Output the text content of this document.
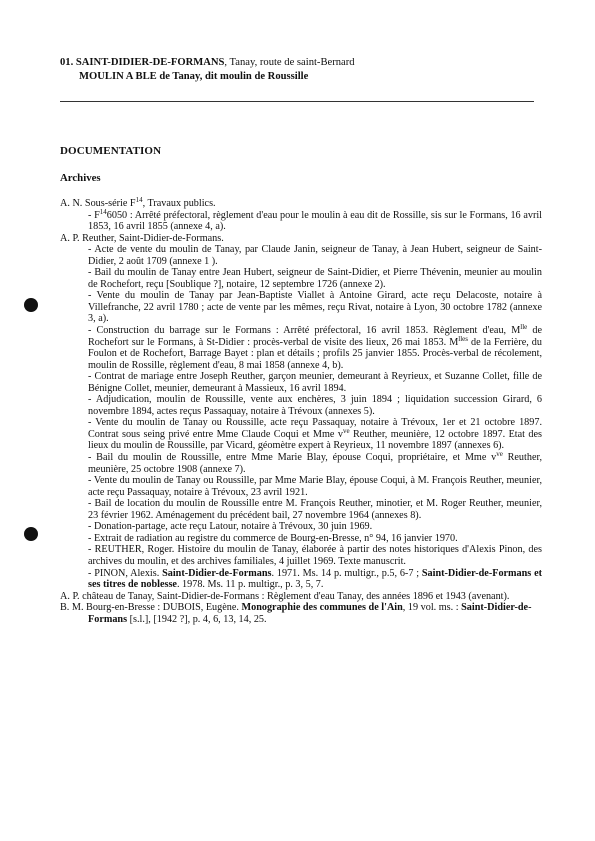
01. SAINT-DIDIER-DE-FORMANS, Tanay, route de saint-Bernard
MOULIN A BLE de Tanay, dit moulin de Roussille
DOCUMENTATION
Archives

A. N. Sous-série $F^{14}$, Travaux publics.

- $F^{14}6050$ : Arrêté préfectoral, règlement d'eau pour le moulin à eau dit de Rossille, sis sur le Formans, 16 avril 1853, 16 avril 1855 (annexe 4, a).

A. P. Reuther, Saint-Didier-de-Formans.

- Acte de vente du moulin de Tanay, par Claude Janin, seigneur de Tanay, à Jean Hubert, seigneur de Saint-Didier, 2 août 1709 (annexe 1 ).

- Bail du moulin de Tanay entre Jean Hubert, seigneur de Saint-Didier, et Pierre Thévenin, meunier au moulin de Rochefort, reçu [Soublique ?], notaire, 12 septembre 1726 (annexe 2).

- Vente du moulin de Tanay par Jean-Baptiste Viallet à Antoine Girard, acte reçu Delacoste, notaire à Villefranche, 22 avril 1780 ; acte de vente par les mêmes, reçu Rivat, notaire à Lyon, 30 octobre 1782 (annexe 3, a).

- Construction du barrage sur le Formans : Arrêté préfectoral, 16 avril 1853. Règlement d'eau, $M^{lle}$ de Rochefort sur le Formans, à St-Didier : procès-verbal de visite des lieux, 26 mai 1853. $M^{lles}$ de la Ferrière, du Foulon et de Rochefort, Barrage Bayet : plan et détails ; profils 25 janvier 1855. Procès-verbal de récolement, moulin de Rossille, règlement d'eau, 8 mai 1858 (annexe 4, b).

- Contrat de mariage entre Joseph Reuther, garçon meunier, demeurant à Reyrieux, et Suzanne Collet, fille de Bénigne Collet, meunier, demeurant à Massieux, 16 avril 1894.

- Adjudication, moulin de Roussille, vente aux enchères, 3 juin 1894 ; liquidation succession Girard, 6 novembre 1894, actes reçus Passaquay, notaire à Trévoux (annexes 5).

- Vente du moulin de Tanay ou Roussille, acte reçu Passaquay, notaire à Trévoux, 1er et 21 octobre 1897. Contrat sous seing privé entre Mme Claude Coqui et Mme $v^{ve}$ Reuther, meunière, 12 octobre 1897. Etat des lieux du moulin de Roussille, par Vicard, géomètre expert à Reyrieux, 11 novembre 1897 (annexes 6).

- Bail du moulin de Roussille, entre Mme Marie Blay, épouse Coqui, propriétaire, et Mme $v^{ve}$ Reuther, meunière, 25 octobre 1908 (annexe 7).

- Vente du moulin de Tanay ou Roussille, par Mme Marie Blay, épouse Coqui, à M. François Reuther, meunier, acte reçu Passaquay, notaire à Trévoux, 23 avril 1921.

- Bail de location du moulin de Roussille entre M. François Reuther, minotier, et M. Roger Reuther, meunier, 23 février 1962. Aménagement du précédent bail, 27 novembre 1964 (annexes 8).

- Donation-partage, acte reçu Latour, notaire à Trévoux, 30 juin 1969.

- Extrait de radiation au registre du commerce de Bourg-en-Bresse, n° 94, 16 janvier 1970.

- REUTHER, Roger. Histoire du moulin de Tanay, élaborée à partir des notes historiques d'Alexis Pinon, des archives du moulin, et des archives familiales, 4 juillet 1969. Texte manuscrit.

- PINON, Alexis. Saint-Didier-de-Formans. 1971. Ms. 14 p. multigr., p.5, 6-7 ; Saint-Didier-de-Formans et ses titres de noblesse. 1978. Ms. 11 p. multigr., p. 3, 5, 7.

A. P. château de Tanay, Saint-Didier-de-Formans : Règlement d'eau Tanay, des années 1896 et 1943 (avenant).

B. M. Bourg-en-Bresse : DUBOIS, Eugène. Monographie des communes de l'Ain, 19 vol. ms. : Saint-Didier-de-Formans [s.l.], [1942 ?], p. 4, 6, 13, 14, 25.
